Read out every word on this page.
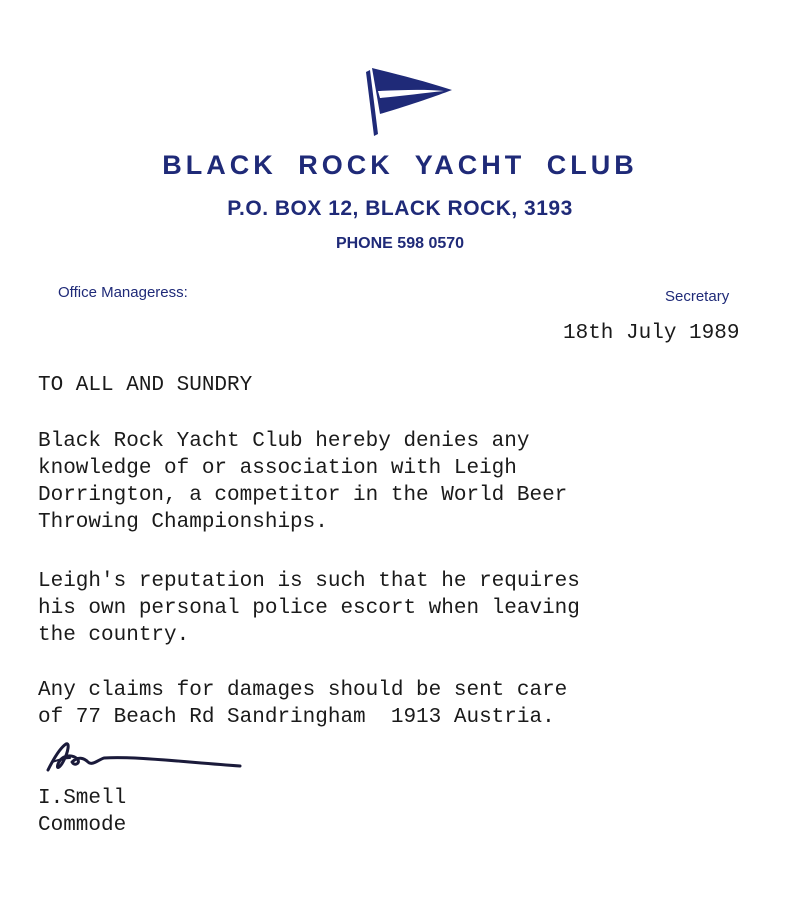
BLACK ROCK YACHT CLUB
P.O. BOX 12, BLACK ROCK, 3193
PHONE 598 0570
Office Manageress:	Secretary
18th July 1989
TO ALL AND SUNDRY
Black Rock Yacht Club hereby denies any
knowledge of or association with Leigh
Dorrington, a competitor in the World Beer
Throwing Championships.
Leigh's reputation is such that he requires
his own personal police escort when leaving
the country.
Any claims for damages should be sent care
of 77 Beach Rd Sandringham  1913 Austria.
I.Smell
Commode
